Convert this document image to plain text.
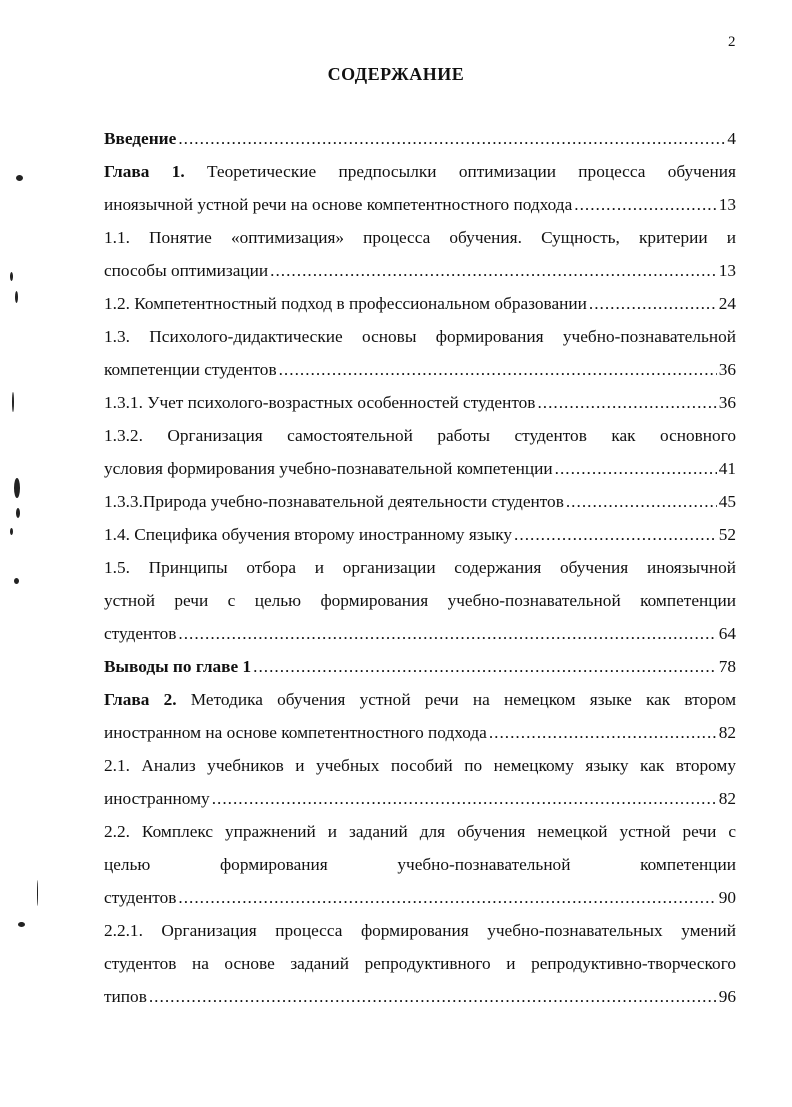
2
СОДЕРЖАНИЕ
Введение .....	4
Глава 1. Теоретические предпосылки оптимизации процесса обучения
иноязычной устной речи на основе компетентностного подхода .....	13
1.1. Понятие «оптимизация» процесса обучения. Сущность, критерии и
способы оптимизации .....	13
1.2. Компетентностный подход в профессиональном образовании .....	24
1.3. Психолого-дидактические основы формирования учебно-познавательной
компетенции студентов .....	36
1.3.1. Учет психолого-возрастных особенностей студентов .....	36
1.3.2. Организация самостоятельной работы студентов как основного
условия формирования учебно-познавательной компетенции .....	41
1.3.3.Природа учебно-познавательной деятельности студентов .....	45
1.4. Специфика обучения второму иностранному языку .....	52
1.5. Принципы отбора и организации содержания обучения иноязычной
устной речи с целью формирования учебно-познавательной компетенции
студентов .....	64
Выводы по главе 1 .....	78
Глава 2. Методика обучения устной речи на немецком языке как втором
иностранном на основе компетентностного подхода .....	82
2.1. Анализ учебников и учебных пособий по немецкому языку как второму
иностранному .....	82
2.2. Комплекс упражнений и заданий для обучения немецкой устной речи с
целью формирования учебно-познавательной компетенции
студентов .....	90
2.2.1. Организация процесса формирования учебно-познавательных умений
студентов на основе заданий репродуктивного и репродуктивно-творческого
типов .....	96
